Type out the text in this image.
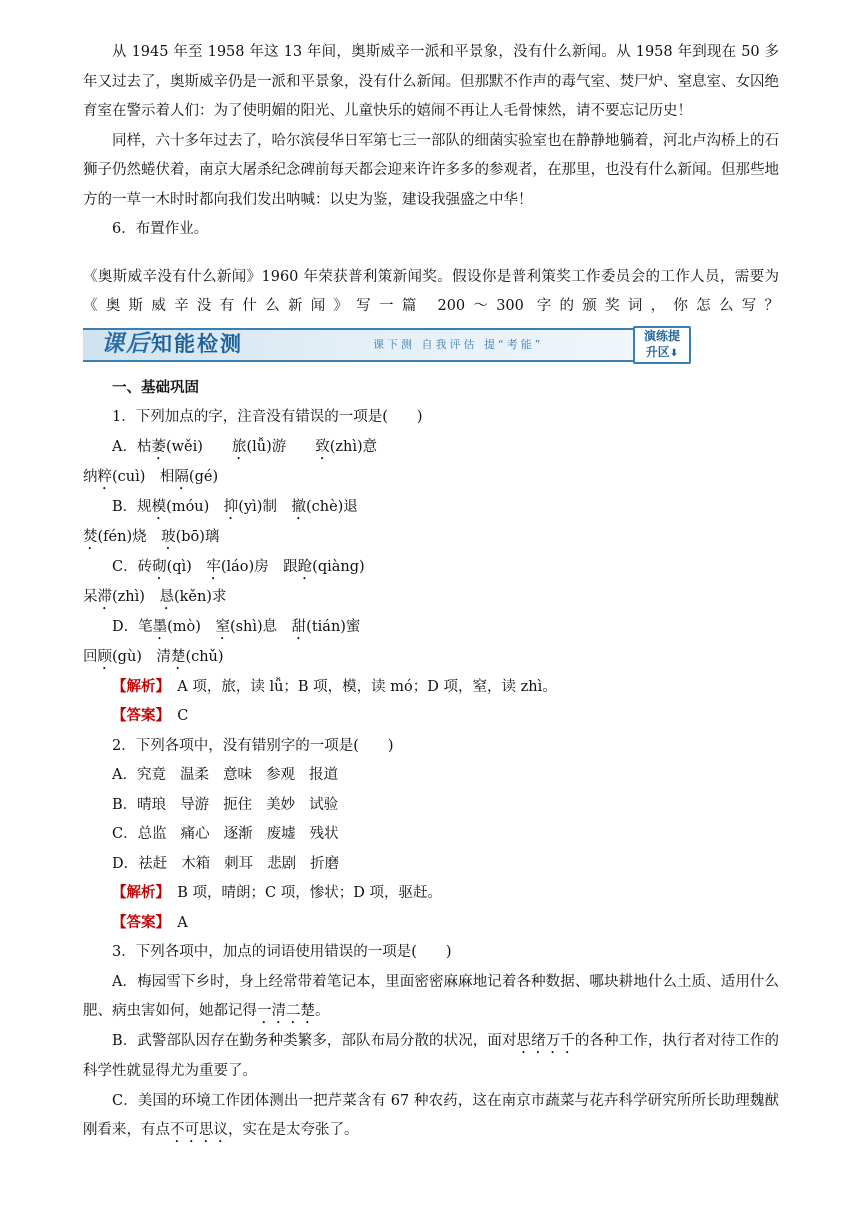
从 1945 年至 1958 年这 13 年间，奥斯威辛一派和平景象，没有什么新闻。从 1958 年到现在 50 多年又过去了，奥斯威辛仍是一派和平景象，没有什么新闻。但那默不作声的毒气室、焚尸炉、窒息室、女囚绝育室在警示着人们：为了使明媚的阳光、儿童快乐的嬉闹不再让人毛骨悚然，请不要忘记历史！

同样，六十多年过去了，哈尔滨侵华日军第七三一部队的细菌实验室也在静静地躺着，河北卢沟桥上的石狮子仍然蜷伏着，南京大屠杀纪念碑前每天都会迎来许许多多的参观者，在那里，也没有什么新闻。但那些地方的一草一木时时都向我们发出呐喊：以史为鉴，建设我强盛之中华！

6．布置作业。

《奥斯威辛没有什么新闻》1960 年荣获普利策新闻奖。假设你是普利策奖工作委员会的工作人员，需要为

《奥斯威辛没有什么新闻》写一篇 200～300 字的颁奖词，你怎么写？

课后知能检测	课下测 自我评估 提“考能”
演练提
升区⬇

一、基础巩固

1．下列加点的字，注音没有错误的一项是(　　)

A．枯萎(wěi)　　旅(lǚ)游　　致(zhì)意

纳粹(cuì)　相隔(gé)

B．规模(móu)　抑(yì)制　撤(chè)退

焚(fén)烧　玻(bō)璃

C．砖砌(qì)　牢(láo)房　跟跄(qiàng)

呆滞(zhì)　恳(kěn)求

D．笔墨(mò)　窒(shì)息　甜(tián)蜜

回顾(gù)　清楚(chǔ)

【解析】　 A 项，旅，读 lǚ；B 项，模，读 mó；D 项，窒，读 zhì。

【答案】　 C

2．下列各项中，没有错别字的一项是(　　)

A．究竟 温柔 意味 参观 报道

B．晴琅 导游 扼住 美妙 试验

C．总监 痛心 逐渐 废墟 残状

D．祛赶 木箱 刺耳 悲剧 折磨

【解析】　 B 项，晴朗；C 项，惨状；D 项，驱赶。

【答案】　 A

3．下列各项中，加点的词语使用错误的一项是(　　)

A．梅园雪下乡时，身上经常带着笔记本，里面密密麻麻地记着各种数据、哪块耕地什么土质、适用什么肥、病虫害如何，她都记得一清二楚。

B．武警部队因存在勤务种类繁多，部队布局分散的状况，面对思绪万千的各种工作，执行者对待工作的科学性就显得尤为重要了。

C．美国的环境工作团体测出一把芹菜含有 67 种农药，这在南京市蔬菜与花卉科学研究所所长助理魏猷刚看来，有点不可思议，实在是太夸张了。
